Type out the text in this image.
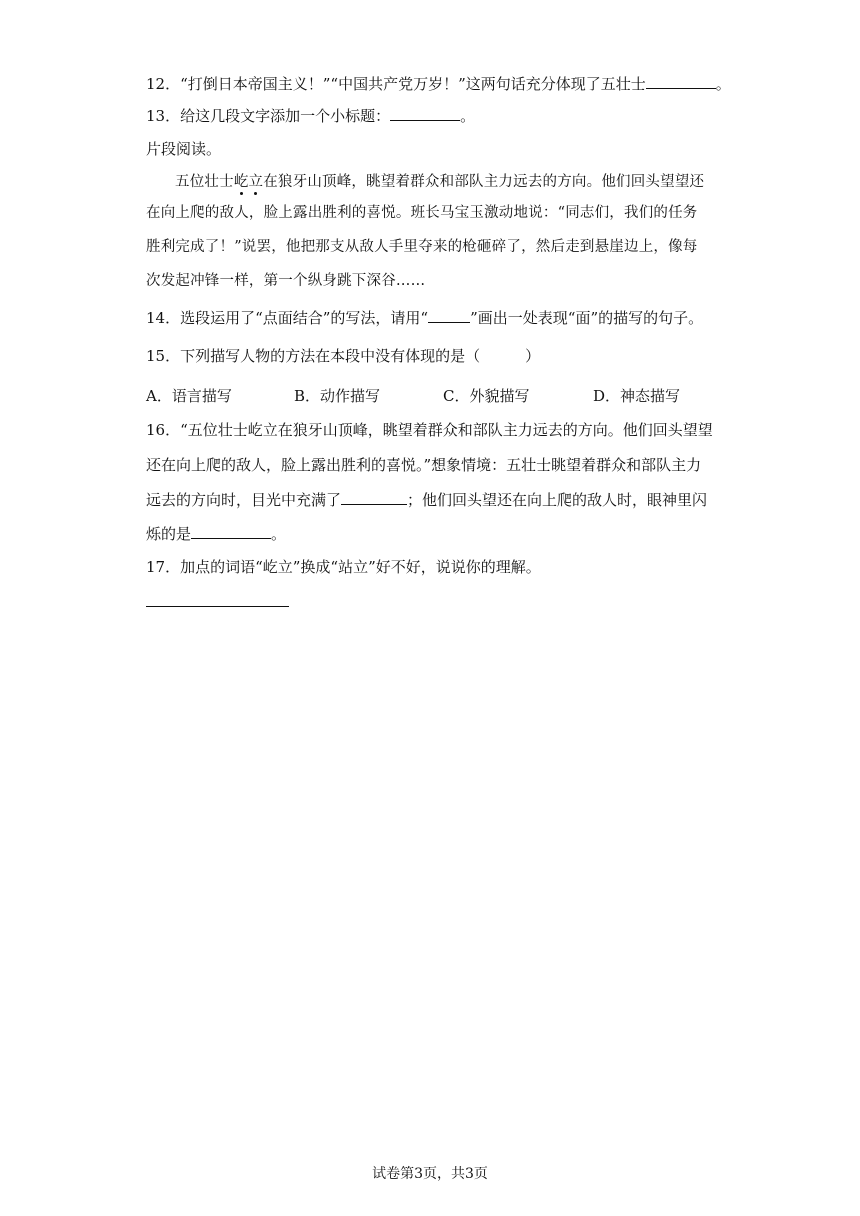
12．“打倒日本帝国主义！”“中国共产党万岁！”这两句话充分体现了五壮士	。
13．给这几段文字添加一个小标题：	。
片段阅读。
五位壮士屹立在狼牙山顶峰，眺望着群众和部队主力远去的方向。他们回头望望还
在向上爬的敌人，脸上露出胜利的喜悦。班长马宝玉激动地说：“同志们，我们的任务
胜利完成了！”说罢，他把那支从敌人手里夺来的枪砸碎了，然后走到悬崖边上，像每
次发起冲锋一样，第一个纵身跳下深谷……
14．选段运用了“点面结合”的写法，请用“	”画出一处表现“面”的描写的句子。
15．下列描写人物的方法在本段中没有体现的是（　　　）
A．语言描写	B．动作描写	C．外貌描写	D．神态描写
16．“五位壮士屹立在狼牙山顶峰，眺望着群众和部队主力远去的方向。他们回头望望
还在向上爬的敌人，脸上露出胜利的喜悦。”想象情境：五壮士眺望着群众和部队主力
远去的方向时，目光中充满了	；他们回头望还在向上爬的敌人时，眼神里闪
烁的是	。
17．加点的词语“屹立”换成“站立”好不好，说说你的理解。
试卷第3页，共3页
